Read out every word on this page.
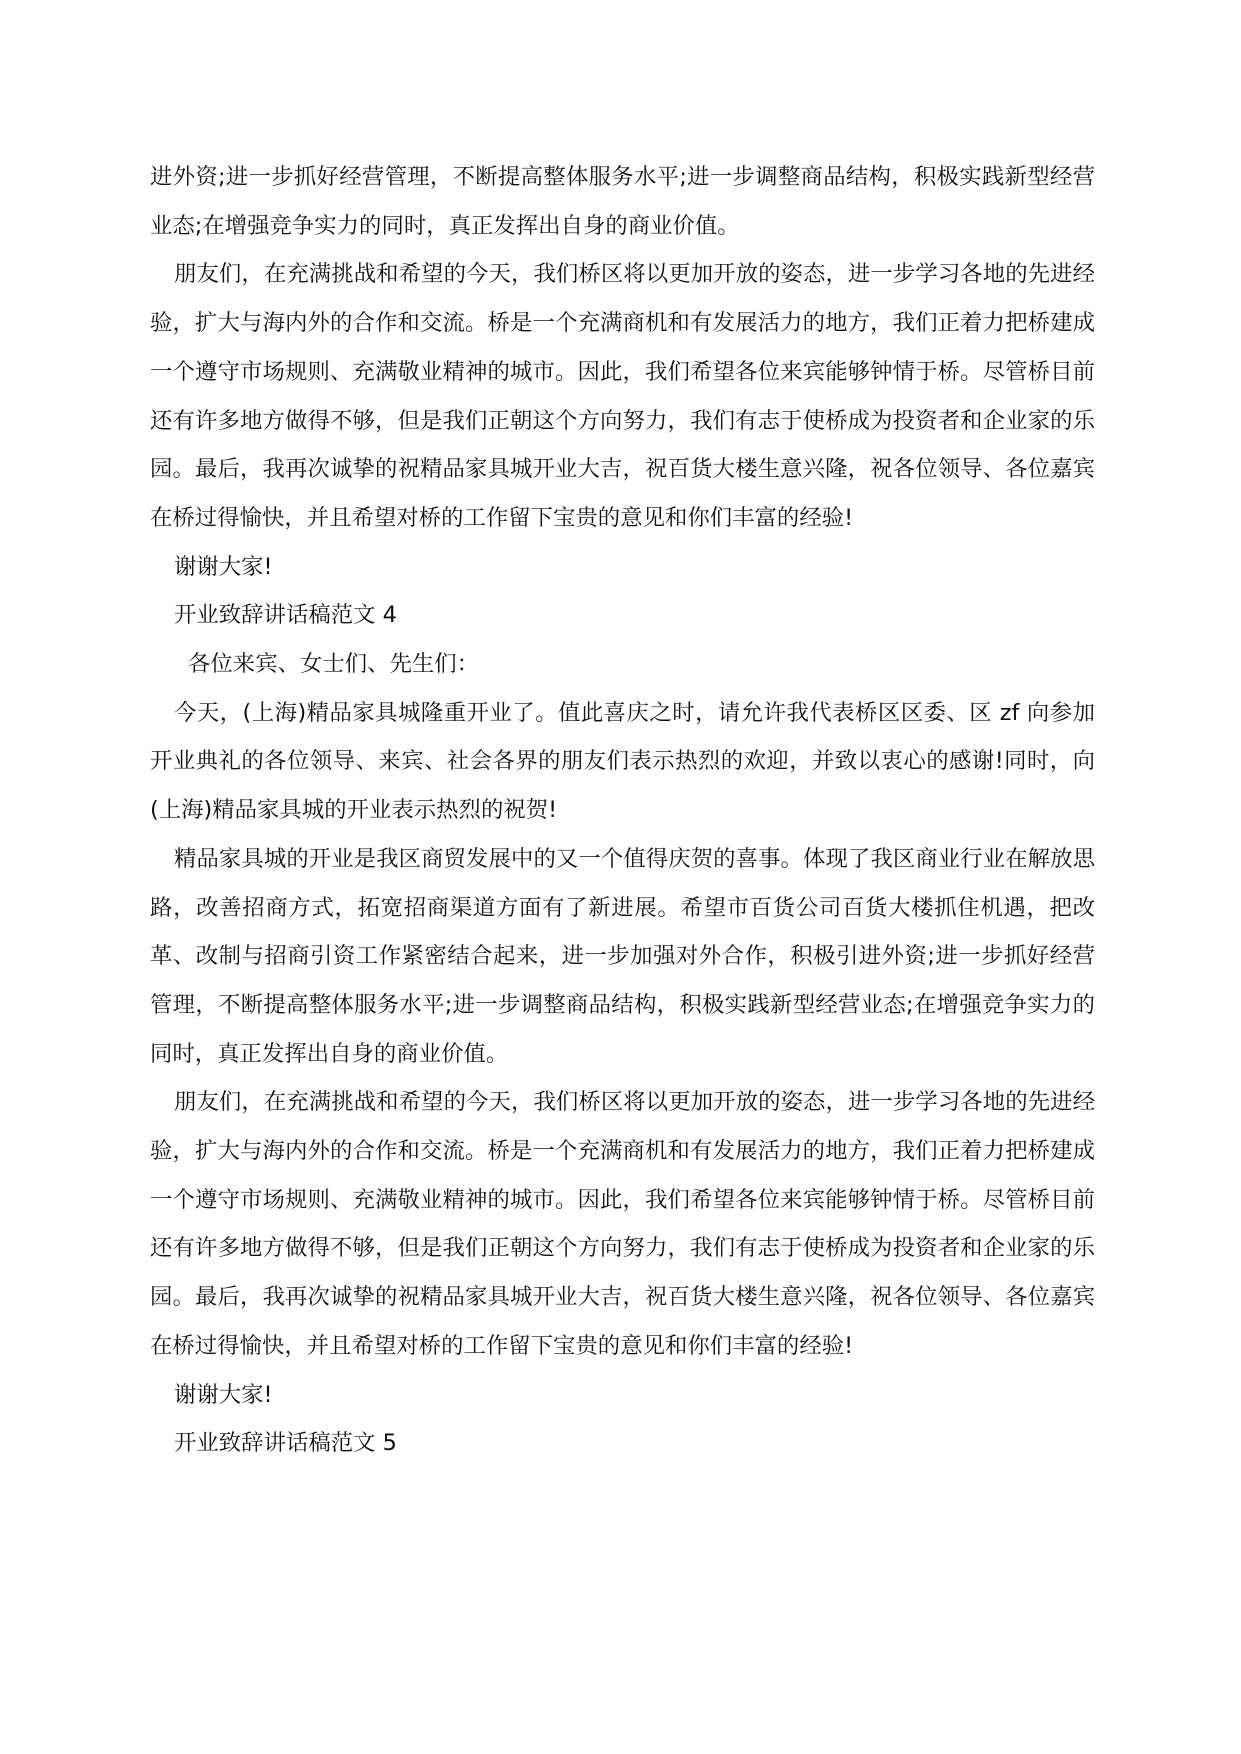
进外资;进一步抓好经营管理，不断提高整体服务水平;进一步调整商品结构，积极实践新型经营业态;在增强竞争实力的同时，真正发挥出自身的商业价值。

朋友们，在充满挑战和希望的今天，我们桥区将以更加开放的姿态，进一步学习各地的先进经验，扩大与海内外的合作和交流。桥是一个充满商机和有发展活力的地方，我们正着力把桥建成一个遵守市场规则、充满敬业精神的城市。因此，我们希望各位来宾能够钟情于桥。尽管桥目前还有许多地方做得不够，但是我们正朝这个方向努力，我们有志于使桥成为投资者和企业家的乐园。最后，我再次诚挚的祝精品家具城开业大吉，祝百货大楼生意兴隆，祝各位领导、各位嘉宾在桥过得愉快，并且希望对桥的工作留下宝贵的意见和你们丰富的经验!

谢谢大家!

开业致辞讲话稿范文 4

各位来宾、女士们、先生们：

今天，(上海)精品家具城隆重开业了。值此喜庆之时，请允许我代表桥区区委、区 zf 向参加开业典礼的各位领导、来宾、社会各界的朋友们表示热烈的欢迎，并致以衷心的感谢!同时，向(上海)精品家具城的开业表示热烈的祝贺!

精品家具城的开业是我区商贸发展中的又一个值得庆贺的喜事。体现了我区商业行业在解放思路，改善招商方式，拓宽招商渠道方面有了新进展。希望市百货公司百货大楼抓住机遇，把改革、改制与招商引资工作紧密结合起来，进一步加强对外合作，积极引进外资;进一步抓好经营管理，不断提高整体服务水平;进一步调整商品结构，积极实践新型经营业态;在增强竞争实力的同时，真正发挥出自身的商业价值。

朋友们，在充满挑战和希望的今天，我们桥区将以更加开放的姿态，进一步学习各地的先进经验，扩大与海内外的合作和交流。桥是一个充满商机和有发展活力的地方，我们正着力把桥建成一个遵守市场规则、充满敬业精神的城市。因此，我们希望各位来宾能够钟情于桥。尽管桥目前还有许多地方做得不够，但是我们正朝这个方向努力，我们有志于使桥成为投资者和企业家的乐园。最后，我再次诚挚的祝精品家具城开业大吉，祝百货大楼生意兴隆，祝各位领导、各位嘉宾在桥过得愉快，并且希望对桥的工作留下宝贵的意见和你们丰富的经验!

谢谢大家!

开业致辞讲话稿范文 5
